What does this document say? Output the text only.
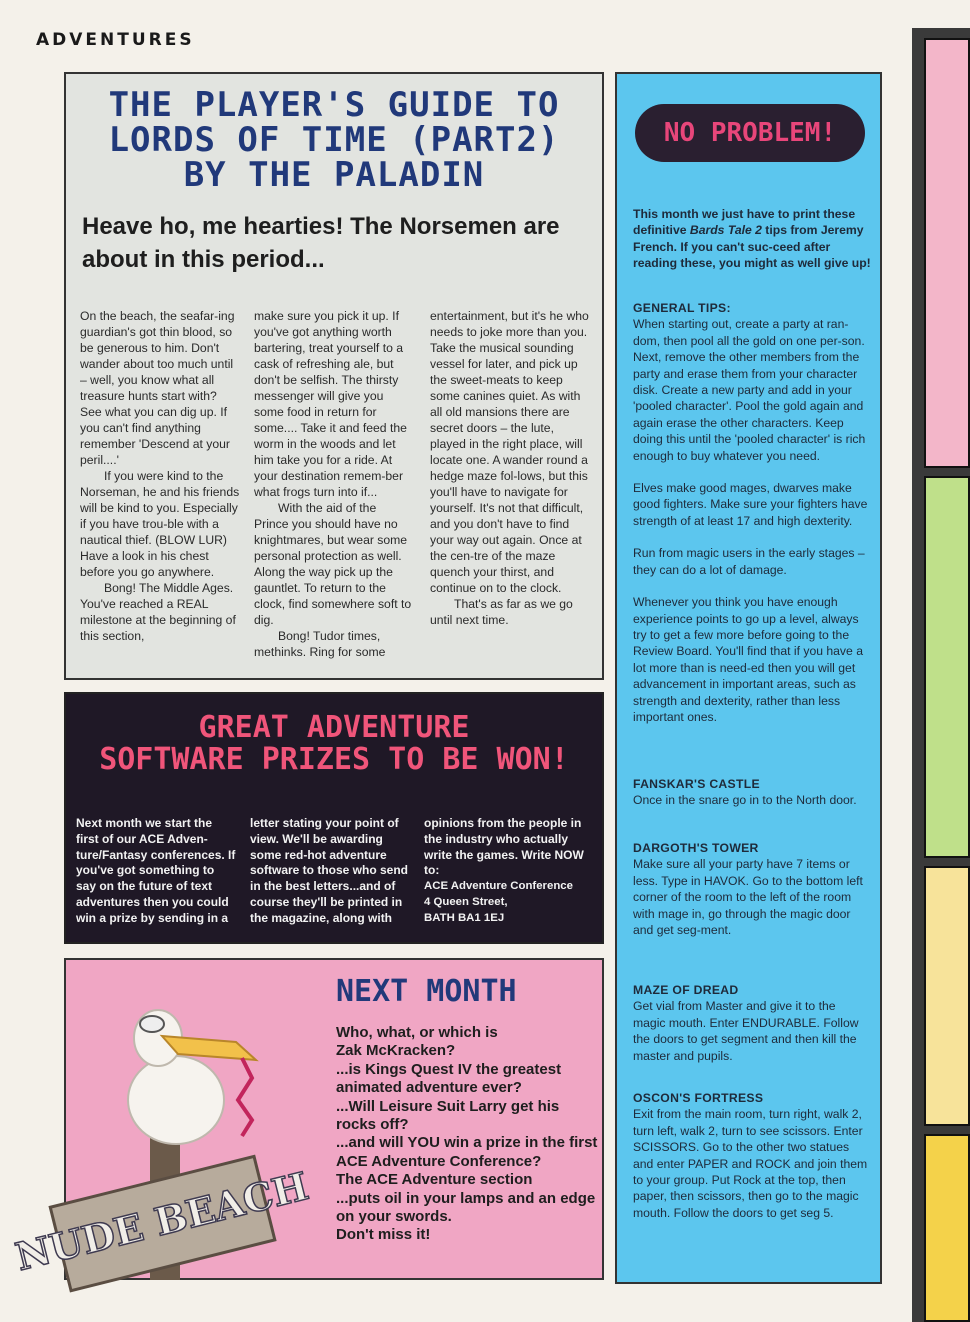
ADVENTURES
THE PLAYER'S GUIDE TO
LORDS OF TIME (PART2)
BY THE PALADIN
Heave ho, me hearties! The Norsemen are about in this period...

On the beach, the seafar-ing guardian's got thin blood, so be generous to him. Don't wander about too much until – well, you know what all treasure hunts start with? See what you can dig up. If you can't find anything remember 'Descend at your peril....'

If you were kind to the Norseman, he and his friends will be kind to you. Especially if you have trou-ble with a nautical thief. (BLOW LUR) Have a look in his chest before you go anywhere.

Bong! The Middle Ages. You've reached a REAL milestone at the beginning of this section,

make sure you pick it up. If you've got anything worth bartering, treat yourself to a cask of refreshing ale, but don't be selfish. The thirsty messenger will give you some food in return for some.... Take it and feed the worm in the woods and let him take you for a ride. At your destination remem-ber what frogs turn into if...

With the aid of the Prince you should have no knightmares, but wear some personal protection as well. Along the way pick up the gauntlet. To return to the clock, find somewhere soft to dig.

Bong! Tudor times, methinks. Ring for some

entertainment, but it's he who needs to joke more than you. Take the musical sounding vessel for later, and pick up the sweet-meats to keep some canines quiet. As with all old mansions there are secret doors – the lute, played in the right place, will locate one. A wander round a hedge maze fol-lows, but this you'll have to navigate for yourself. It's not that difficult, and you don't have to find your way out again. Once at the cen-tre of the maze quench your thirst, and continue on to the clock.

That's as far as we go until next time.

GREAT ADVENTURE
SOFTWARE PRIZES TO BE WON!
Next month we start the first of our ACE Adven-ture/Fantasy conferences. If you've got something to say on the future of text adventures then you could win a prize by sending in a
letter stating your point of view. We'll be awarding some red-hot adventure software to those who send in the best letters...and of course they'll be printed in the magazine, along with
opinions from the people in the industry who actually write the games. Write NOW to:
ACE Adventure Conference
4 Queen Street,
BATH BA1 1EJ
NUDE BEACH
NEXT MONTH
Who, what, or which is
Zak McKracken?
...is Kings Quest IV the greatest animated adventure ever?
...Will Leisure Suit Larry get his rocks off?
...and will YOU win a prize in the first ACE Adventure Conference?
The ACE Adventure section
...puts oil in your lamps and an edge on your swords.
Don't miss it!
NO PROBLEM!
This month we just have to print these definitive Bards Tale 2 tips from Jeremy French. If you can't suc-ceed after reading these, you might as well give up!
GENERAL TIPS:
When starting out, create a party at ran-dom, then pool all the gold on one per-son. Next, remove the other members from the party and erase them from your character disk. Create a new party and add in your 'pooled character'. Pool the gold again and again erase the other characters. Keep doing this until the 'pooled character' is rich enough to buy whatever you need.
Elves make good mages, dwarves make good fighters. Make sure your fighters have strength of at least 17 and high dexterity.
Run from magic users in the early stages – they can do a lot of damage.
Whenever you think you have enough experience points to go up a level, always try to get a few more before going to the Review Board. You'll find that if you have a lot more than is need-ed then you will get advancement in important areas, such as strength and dexterity, rather than less important ones.
FANSKAR'S CASTLE
Once in the snare go in to the North door.
DARGOTH'S TOWER
Make sure all your party have 7 items or less. Type in HAVOK. Go to the bottom left corner of the room to the left of the room with mage in, go through the magic door and get seg-ment.
MAZE OF DREAD
Get vial from Master and give it to the magic mouth. Enter ENDURABLE. Follow the doors to get segment and then kill the master and pupils.
OSCON'S FORTRESS
Exit from the main room, turn right, walk 2, turn left, walk 2, turn to see scissors. Enter SCISSORS. Go to the other two statues and enter PAPER and ROCK and join them to your group. Put Rock at the top, then paper, then scissors, then go to the magic mouth. Follow the doors to get seg 5.
